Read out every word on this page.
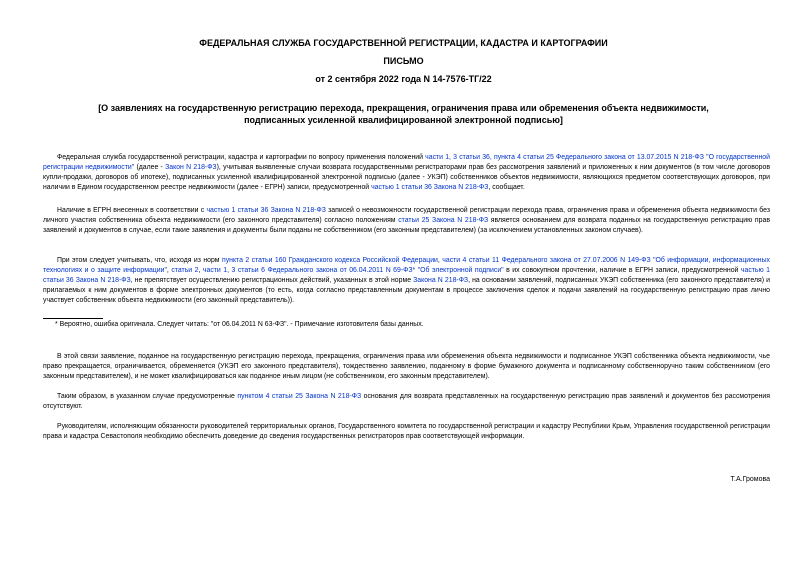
ФЕДЕРАЛЬНАЯ СЛУЖБА ГОСУДАРСТВЕННОЙ РЕГИСТРАЦИИ, КАДАСТРА И КАРТОГРАФИИ
ПИСЬМО
от 2 сентября 2022 года N 14-7576-ТГ/22
[О заявлениях на государственную регистрацию перехода, прекращения, ограничения права или обременения объекта недвижимости,
подписанных усиленной квалифицированной электронной подписью]

Федеральная служба государственной регистрации, кадастра и картографии по вопросу применения положений части 1, 3 статьи 36, пункта 4 статьи 25 Федерального закона от 13.07.2015 N 218-ФЗ "О государственной регистрации недвижимости" (далее - Закон N 218-ФЗ), учитывая выявленные случаи возврата государственными регистраторами прав без рассмотрения заявлений и приложенных к ним документов (в том числе договоров купли-продажи, договоров об ипотеке), подписанных усиленной квалифицированной электронной подписью (далее - УКЭП) собственников объектов недвижимости, являющихся предметом соответствующих договоров, при наличии в Едином государственном реестре недвижимости (далее - ЕГРН) записи, предусмотренной частью 1 статьи 36 Закона N 218-ФЗ, сообщает.

Наличие в ЕГРН внесенных в соответствии с частью 1 статьи 36 Закона N 218-ФЗ записей о невозможности государственной регистрации перехода права, ограничения права и обременения объекта недвижимости без личного участия собственника объекта недвижимости (его законного представителя) согласно положениям статьи 25 Закона N 218-ФЗ является основанием для возврата поданных на государственную регистрацию прав заявлений и документов в случае, если такие заявления и документы были поданы не собственником (его законным представителем) (за исключением установленных законом случаев).

При этом следует учитывать, что, исходя из норм пункта 2 статьи 160 Гражданского кодекса Российской Федерации, части 4 статьи 11 Федерального закона от 27.07.2006 N 149-ФЗ "Об информации, информационных технологиях и о защите информации", статьи 2, части 1, 3 статьи 6 Федерального закона от 06.04.2011 N 69-ФЗ* "Об электронной подписи" в их совокупном прочтении, наличие в ЕГРН записи, предусмотренной частью 1 статьи 36 Закона N 218-ФЗ, не препятствует осуществлению регистрационных действий, указанных в этой норме Закона N 218-ФЗ, на основании заявлений, подписанных УКЭП собственника (его законного представителя) и прилагаемых к ним документов в форме электронных документов (то есть, когда согласно представленным документам в процессе заключения сделок и подачи заявлений на государственную регистрацию прав лично участвует собственник объекта недвижимости (его законный представитель)).

* Вероятно, ошибка оригинала. Следует читать: "от 06.04.2011 N 63-ФЗ". - Примечание изготовителя базы данных.

В этой связи заявление, поданное на государственную регистрацию перехода, прекращения, ограничения права или обременения объекта недвижимости и подписанное УКЭП собственника объекта недвижимости, чье право прекращается, ограничивается, обременяется (УКЭП его законного представителя), тождественно заявлению, поданному в форме бумажного документа и подписанному собственноручно таким собственником (его законным представителем), и не может квалифицироваться как поданное иным лицом (не собственником, его законным представителем).

Таким образом, в указанном случае предусмотренные пунктом 4 статьи 25 Закона N 218-ФЗ основания для возврата представленных на государственную регистрацию прав заявлений и документов без рассмотрения отсутствуют.

Руководителям, исполняющим обязанности руководителей территориальных органов, Государственного комитета по государственной регистрации и кадастру Республики Крым, Управления государственной регистрации права и кадастра Севастополя необходимо обеспечить доведение до сведения государственных регистраторов прав соответствующей информации.

Т.А.Громова
